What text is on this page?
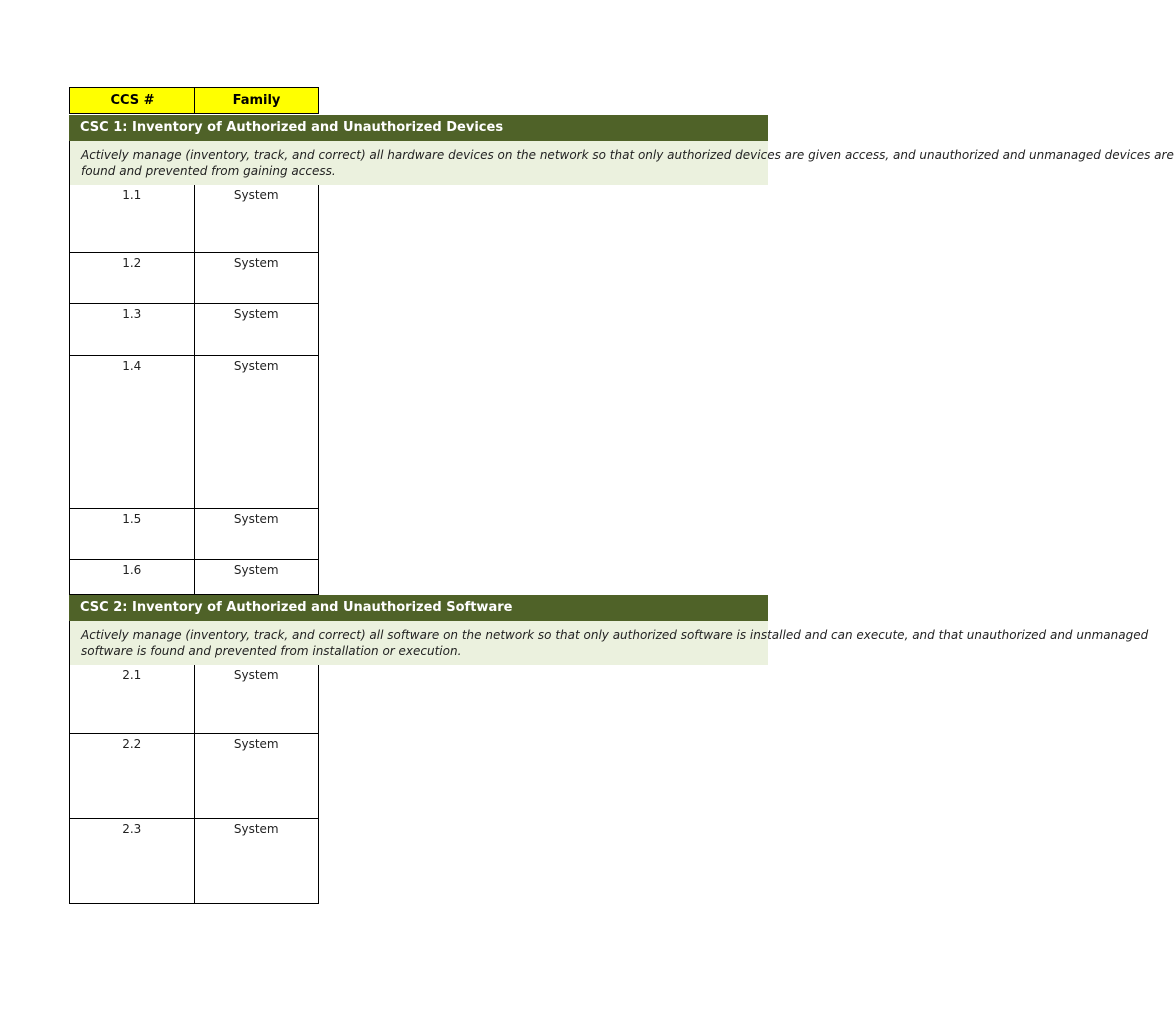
CCS #	Family
CSC 1: Inventory of Authorized and Unauthorized Devices
Actively manage (inventory, track, and correct) all hardware devices on the network so that only authorized devices are given access, and unauthorized and unmanaged devices are
found and prevented from gaining access.
1.1	System
1.2	System
1.3	System
1.4	System
1.5	System
1.6	System
CSC 2: Inventory of Authorized and Unauthorized Software
Actively manage (inventory, track, and correct) all software on the network so that only authorized software is installed and can execute, and that unauthorized and unmanaged
software is found and prevented from installation or execution.
2.1	System
2.2	System
2.3	System
